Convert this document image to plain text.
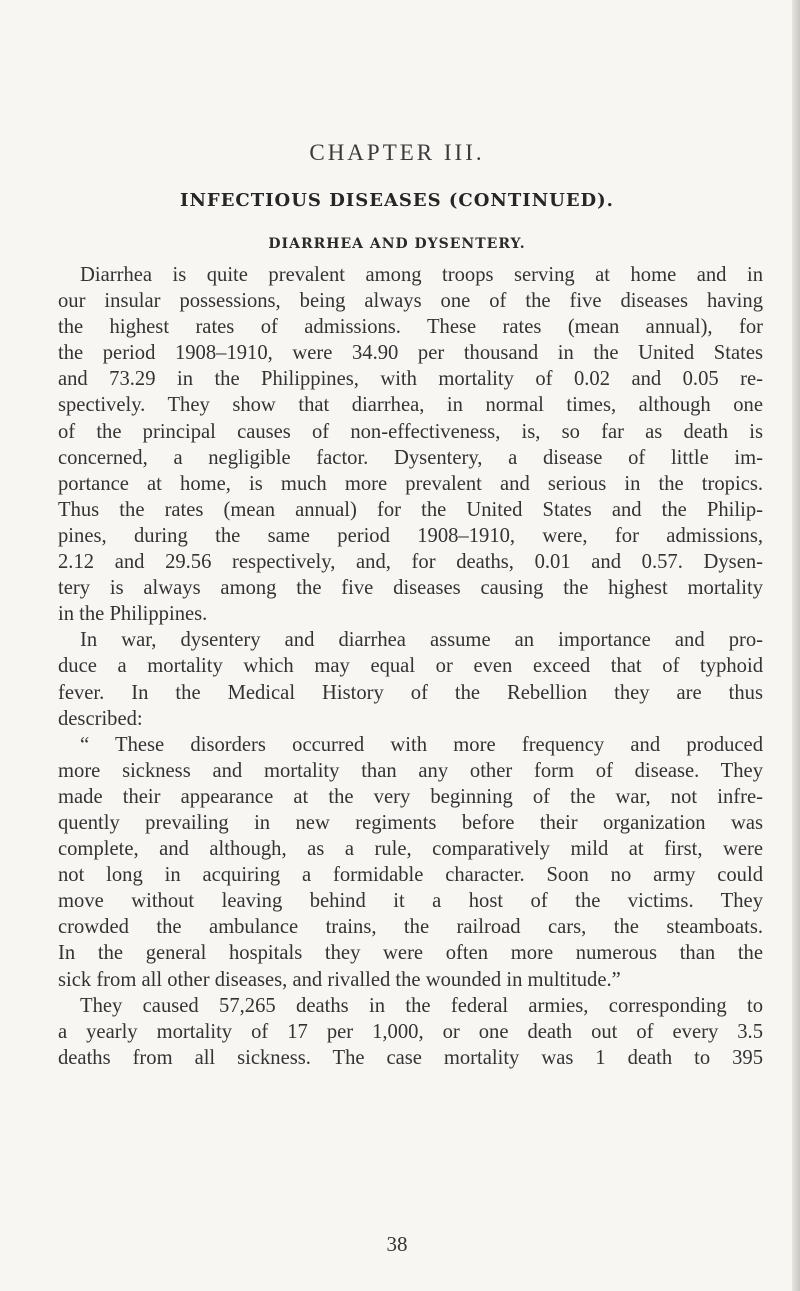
CHAPTER III.
INFECTIOUS DISEASES (CONTINUED).
DIARRHEA AND DYSENTERY.
Diarrhea is quite prevalent among troops serving at home and in
our insular possessions, being always one of the five diseases having
the highest rates of admissions. These rates (mean annual), for
the period 1908–1910, were 34.90 per thousand in the United States
and 73.29 in the Philippines, with mortality of 0.02 and 0.05 re-
spectively. They show that diarrhea, in normal times, although one
of the principal causes of non-effectiveness, is, so far as death is
concerned, a negligible factor. Dysentery, a disease of little im-
portance at home, is much more prevalent and serious in the tropics.
Thus the rates (mean annual) for the United States and the Philip-
pines, during the same period 1908–1910, were, for admissions,
2.12 and 29.56 respectively, and, for deaths, 0.01 and 0.57. Dysen-
tery is always among the five diseases causing the highest mortality
in the Philippines.
In war, dysentery and diarrhea assume an importance and pro-
duce a mortality which may equal or even exceed that of typhoid
fever. In the Medical History of the Rebellion they are thus
described:
“ These disorders occurred with more frequency and produced
more sickness and mortality than any other form of disease. They
made their appearance at the very beginning of the war, not infre-
quently prevailing in new regiments before their organization was
complete, and although, as a rule, comparatively mild at first, were
not long in acquiring a formidable character. Soon no army could
move without leaving behind it a host of the victims. They
crowded the ambulance trains, the railroad cars, the steamboats.
In the general hospitals they were often more numerous than the
sick from all other diseases, and rivalled the wounded in multitude.”
They caused 57,265 deaths in the federal armies, corresponding to
a yearly mortality of 17 per 1,000, or one death out of every 3.5
deaths from all sickness. The case mortality was 1 death to 395
38
